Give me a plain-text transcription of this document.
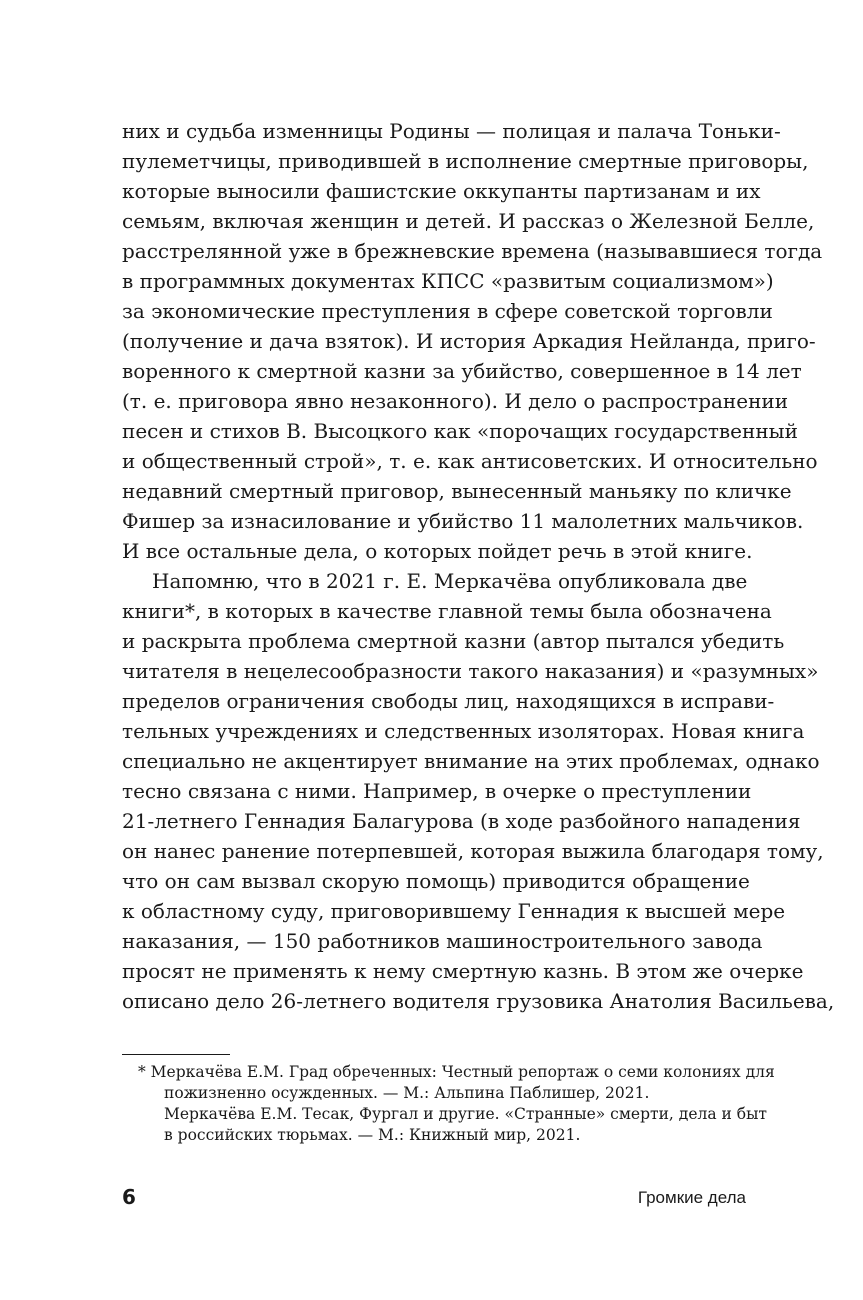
них и судьба изменницы Родины — полицая и палача Тоньки-
пулеметчицы, приводившей в исполнение смертные приговоры,
которые выносили фашистские оккупанты партизанам и их
семьям, включая женщин и детей. И рассказ о Железной Белле,
расстрелянной уже в брежневские времена (называвшиеся тогда
в программных документах КПСС «развитым социализмом»)
за экономические преступления в сфере советской торговли
(получение и дача взяток). И история Аркадия Нейланда, приго-
воренного к смертной казни за убийство, совершенное в 14 лет
(т. е. приговора явно незаконного). И дело о распространении
песен и стихов В. Высоцкого как «порочащих государственный
и общественный строй», т. е. как антисоветских. И относительно
недавний смертный приговор, вынесенный маньяку по кличке
Фишер за изнасилование и убийство 11 малолетних мальчиков.
И все остальные дела, о которых пойдет речь в этой книге.
Напомню, что в 2021 г. Е. Меркачёва опубликовала две
книги*, в которых в качестве главной темы была обозначена
и раскрыта проблема смертной казни (автор пытался убедить
читателя в нецелесообразности такого наказания) и «разумных»
пределов ограничения свободы лиц, находящихся в исправи-
тельных учреждениях и следственных изоляторах. Новая книга
специально не акцентирует внимание на этих проблемах, однако
тесно связана с ними. Например, в очерке о преступлении
21-летнего Геннадия Балагурова (в ходе разбойного нападения
он нанес ранение потерпевшей, которая выжила благодаря тому,
что он сам вызвал скорую помощь) приводится обращение
к областному суду, приговорившему Геннадия к высшей мере
наказания, — 150 работников машиностроительного завода
просят не применять к нему смертную казнь. В этом же очерке
описано дело 26-летнего водителя грузовика Анатолия Васильева,
* Меркачёва Е.М. Град обреченных: Честный репортаж о семи колониях для
пожизненно осужденных. — М.: Альпина Паблишер, 2021.
Меркачёва Е.М. Тесак, Фургал и другие. «Странные» смерти, дела и быт
в российских тюрьмах. — М.: Книжный мир, 2021.
6	Громкие дела
